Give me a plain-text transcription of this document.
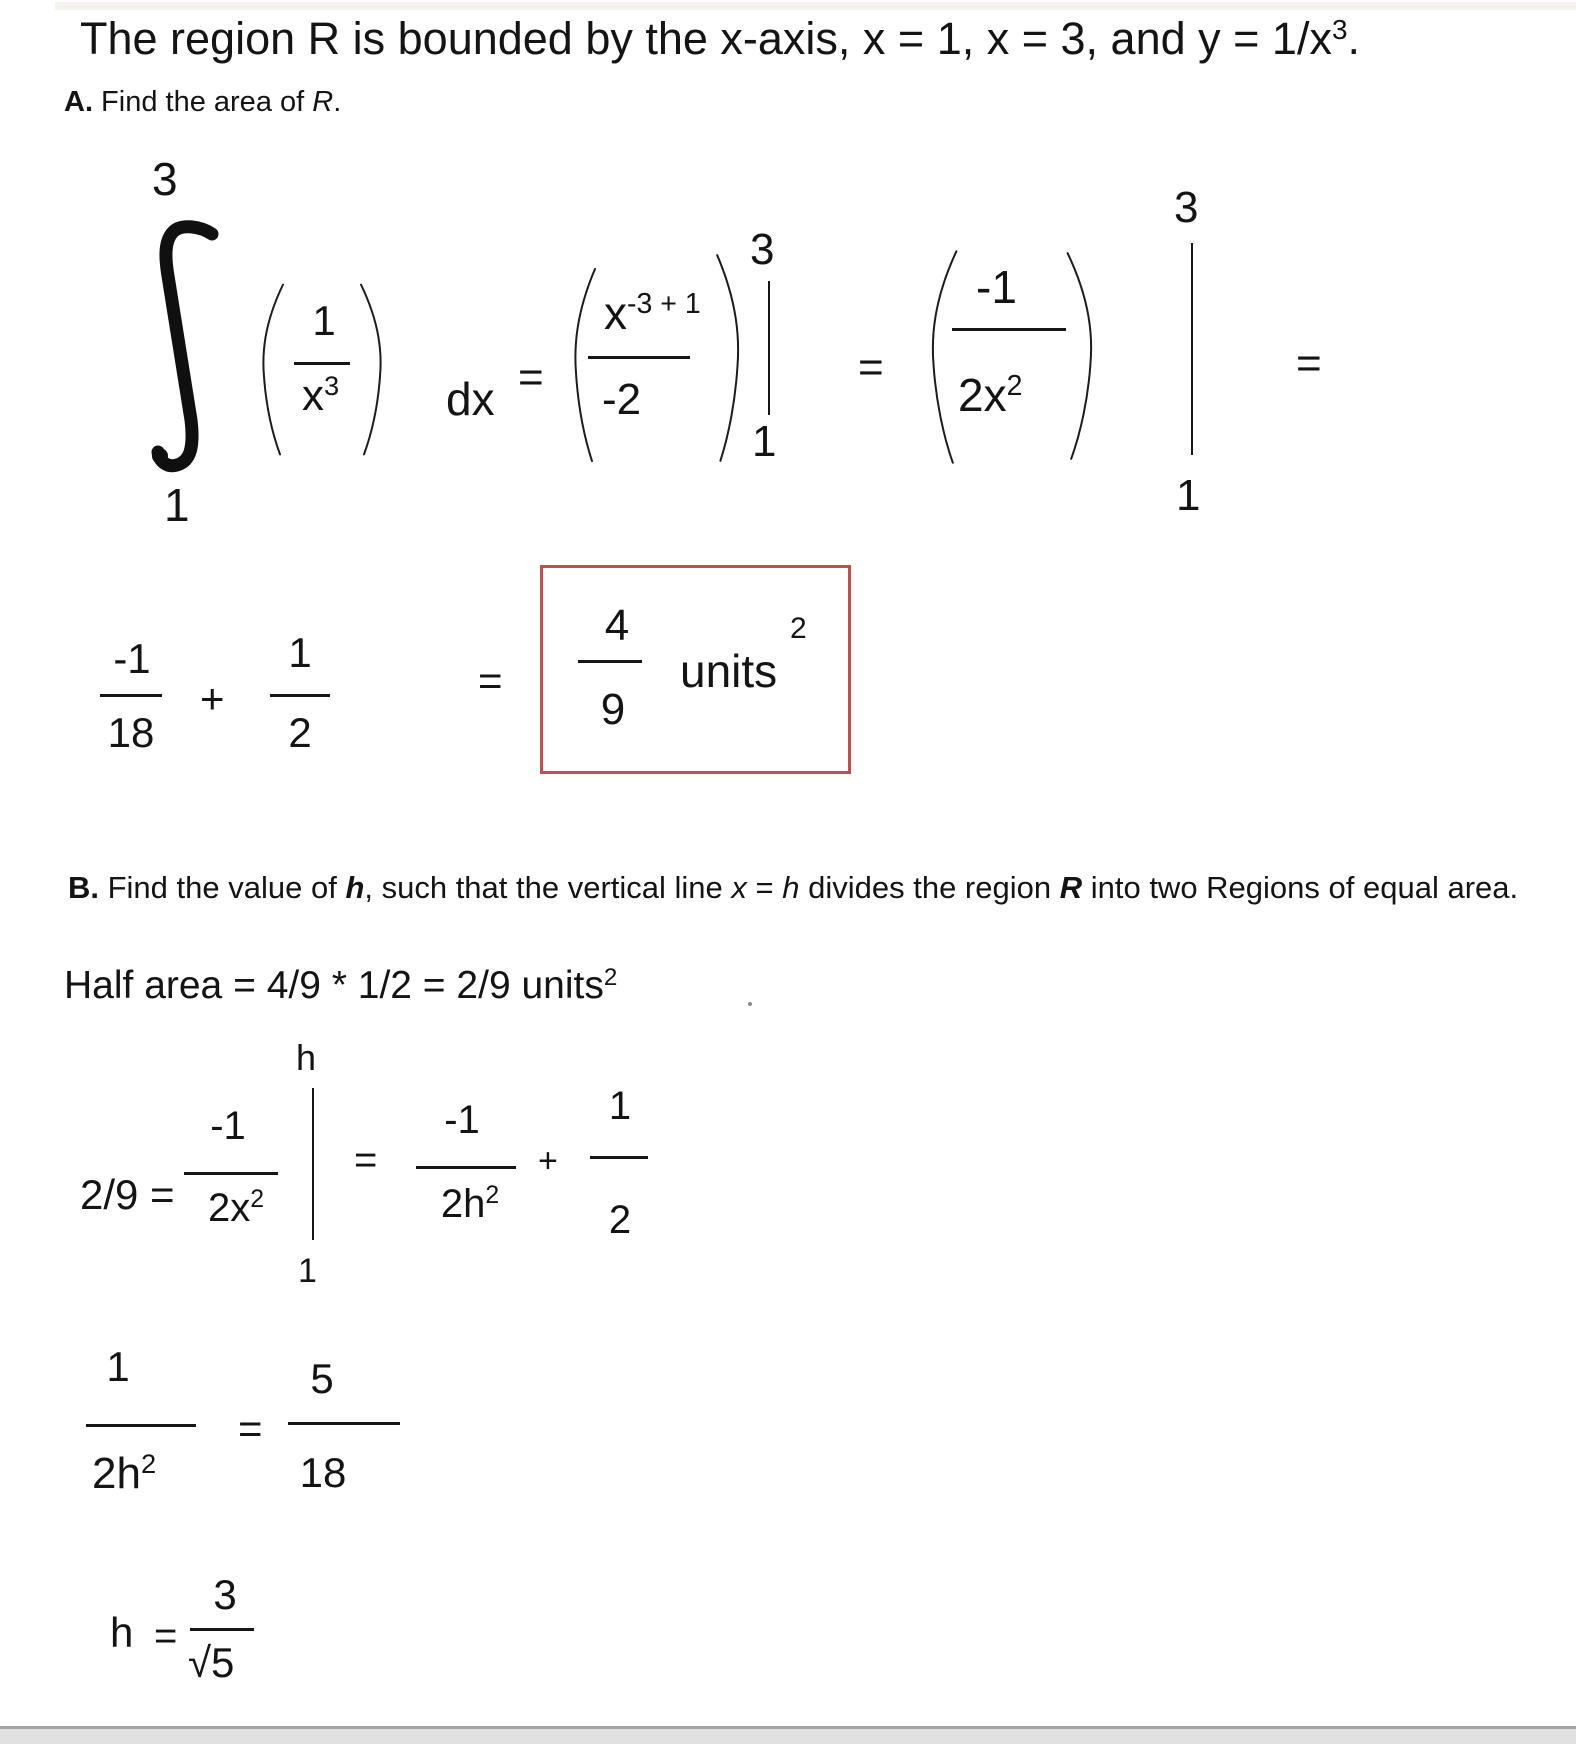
The region R is bounded by the x-axis, x = 1, x = 3, and $y = 1/x^3$.
A. Find the area of R.
3
1
1
$x^3$ dx =
$x^{-3 + 1}$
-2
3
1
=
-1
$2x^2$
3
1
=
-1
18
+
1
2
=
4
9
units
2
B. Find the value of h, such that the vertical line x = h divides the region R into two Regions of equal area.
Half area = 4/9 * 1/2 = 2/9 units$^2$
2/9 =
-1
$2x^2$
h
1
=
-1
$2h^2$
+
1
2
1
$2h^2$
=
5
18
h =
3
√5
